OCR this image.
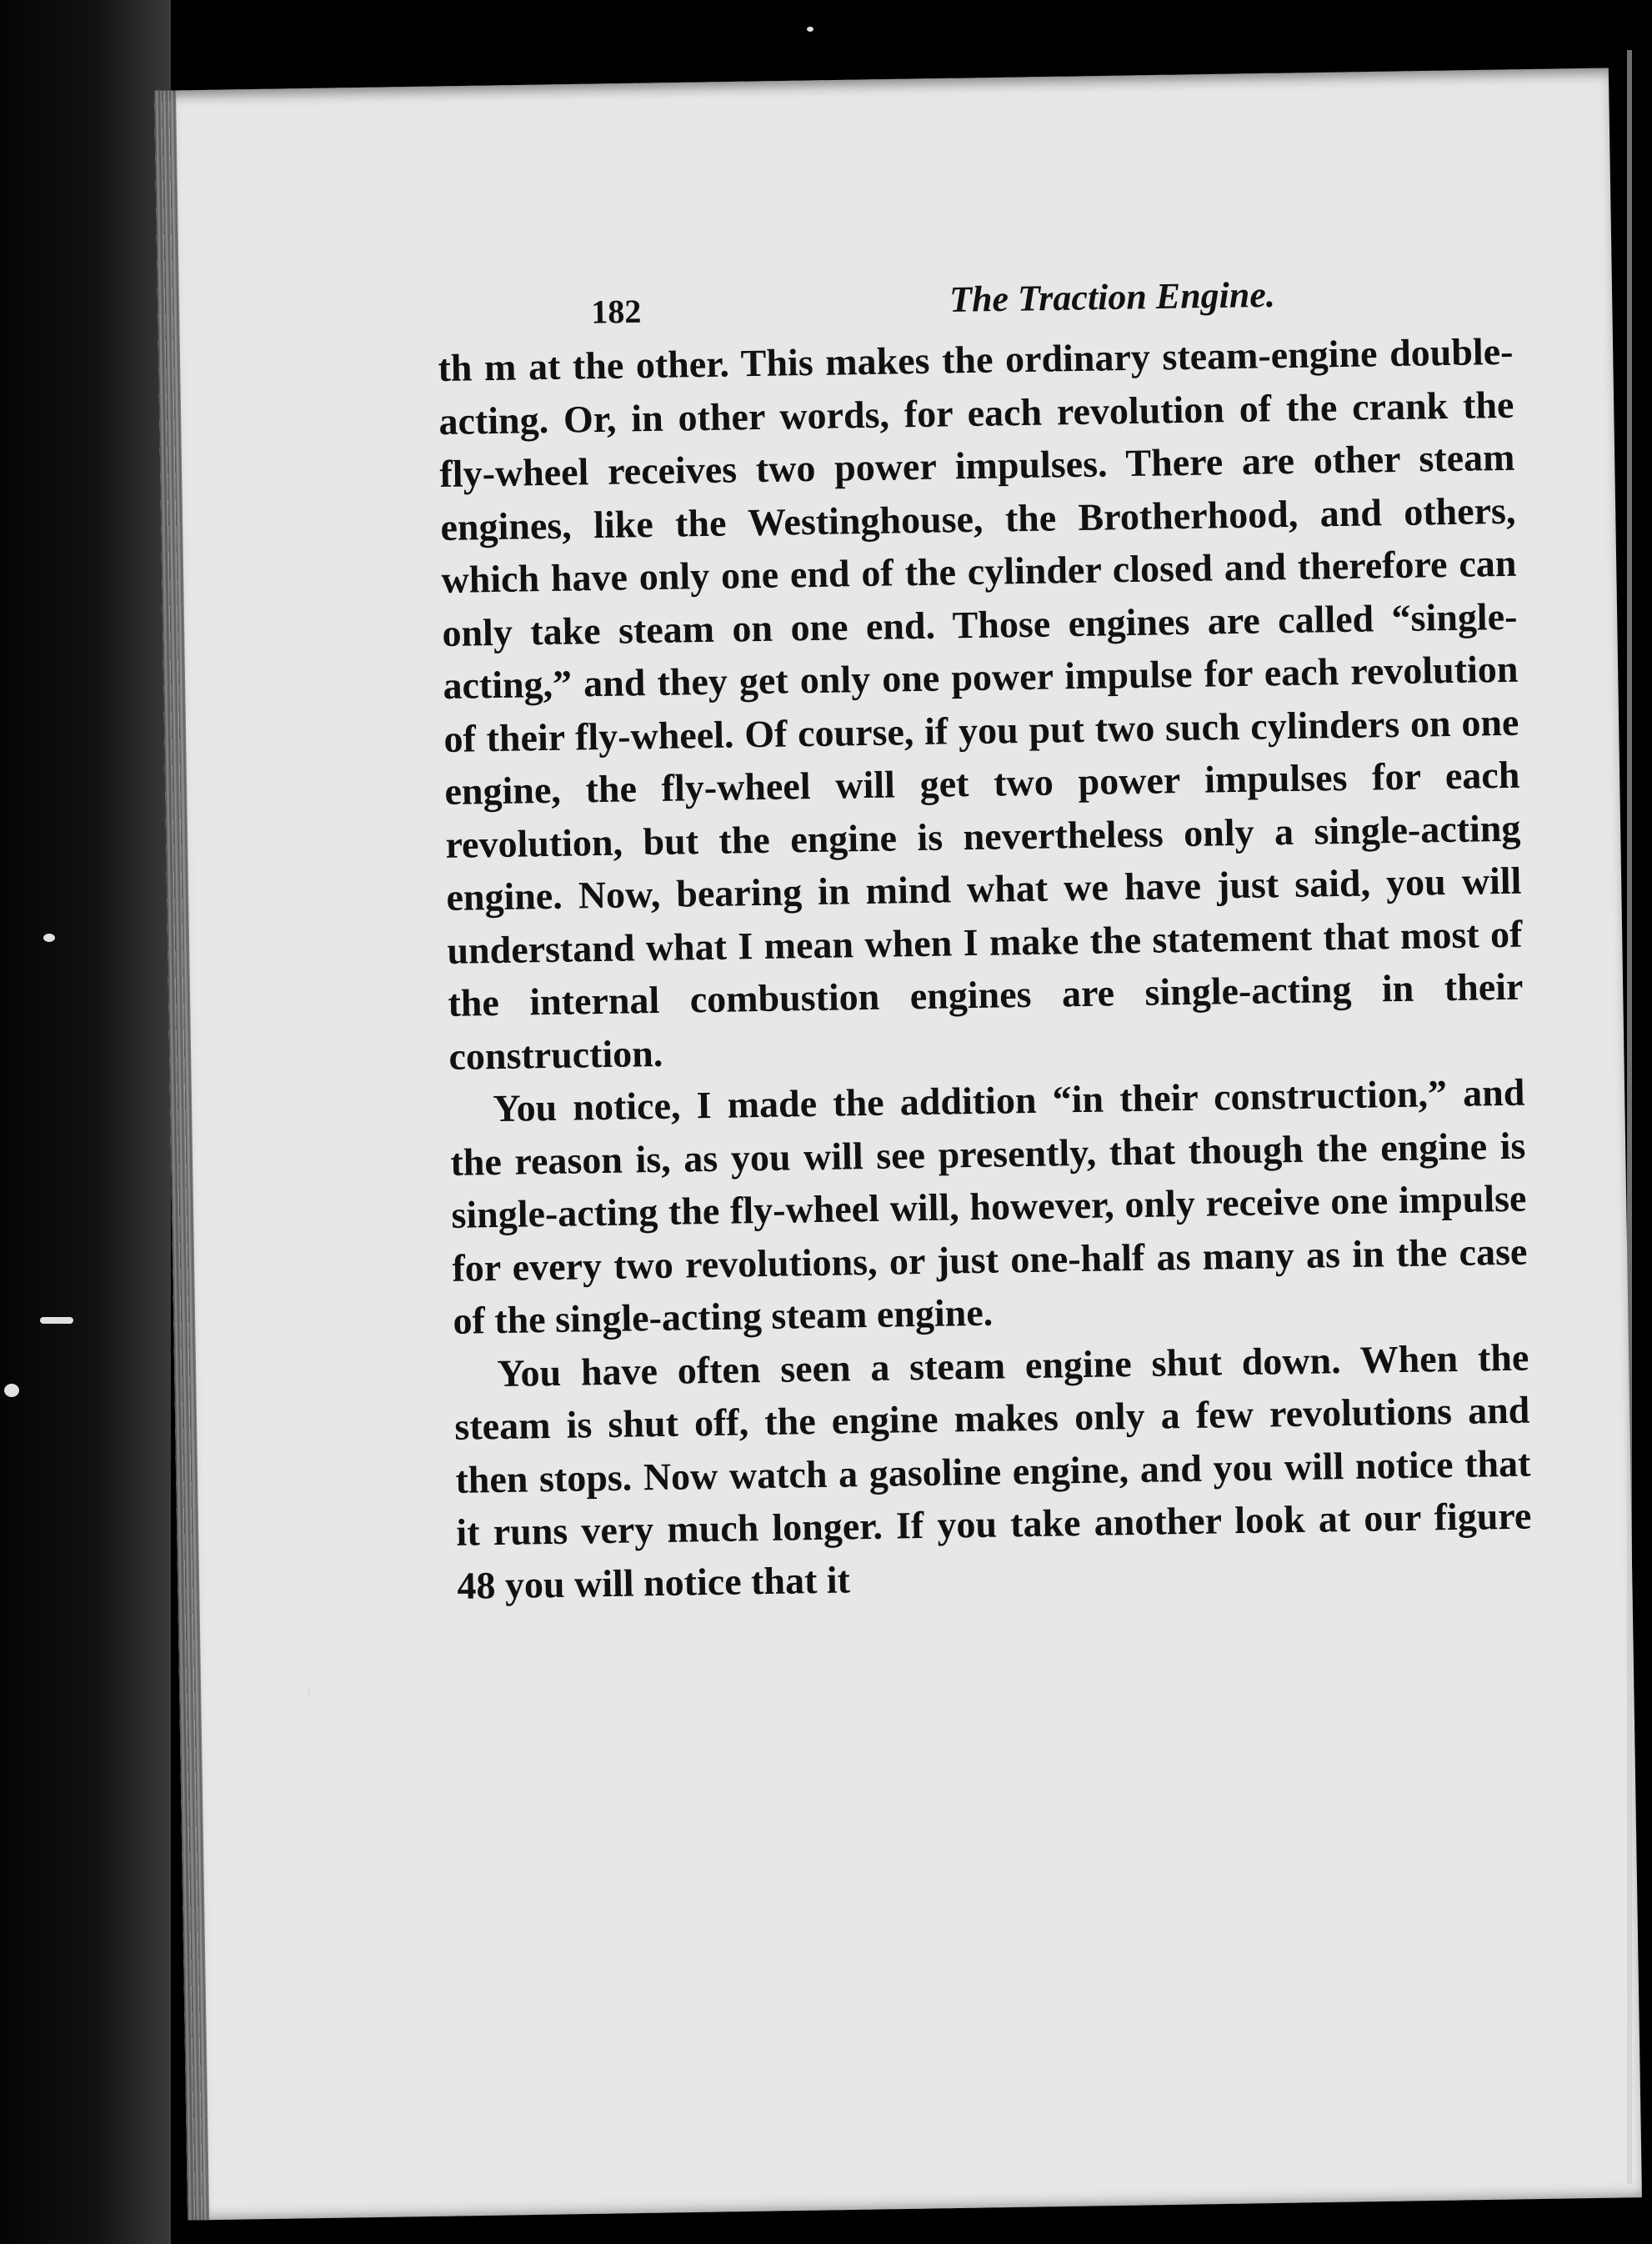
182	The Traction Engine.

th m at the other. This makes the ordinary steam-engine double-acting. Or, in other words, for each revolution of the crank the fly-wheel receives two power impulses. There are other steam engines, like the Westinghouse, the Brotherhood, and others, which have only one end of the cylinder closed and therefore can only take steam on one end. Those engines are called “single-acting,” and they get only one power impulse for each revolution of their fly-wheel. Of course, if you put two such cylinders on one engine, the fly-wheel will get two power impulses for each revolution, but the engine is nevertheless only a single-acting engine. Now, bearing in mind what we have just said, you will understand what I mean when I make the statement that most of the internal combustion engines are single-acting in their construction.

You notice, I made the addition “in their construction,” and the reason is, as you will see presently, that though the engine is single-acting the fly-wheel will, however, only receive one impulse for every two revolutions, or just one-half as many as in the case of the single-acting steam engine.

You have often seen a steam engine shut down. When the steam is shut off, the engine makes only a few revolutions and then stops. Now watch a gasoline engine, and you will notice that it runs very much longer. If you take another look at our figure 48 you will notice that it
